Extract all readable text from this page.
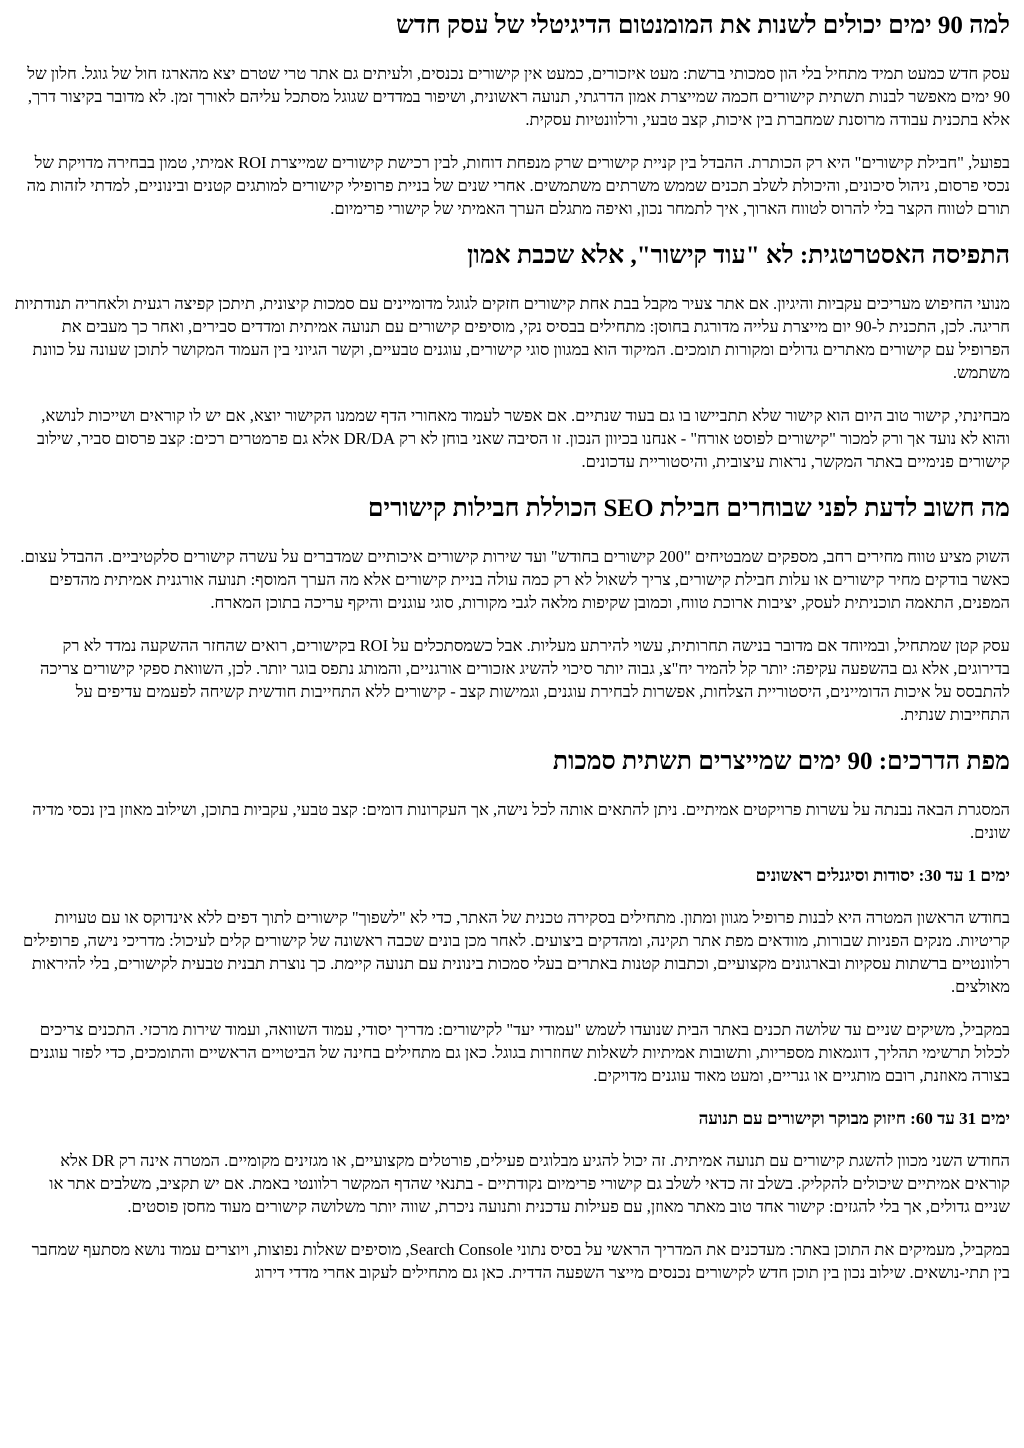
למה 90 ימים יכולים לשנות את המומנטום הדיגיטלי של עסק חדש

עסק חדש כמעט תמיד מתחיל בלי הון סמכותי ברשת: מעט איזכורים, כמעט אין קישורים נכנסים, ולעיתים גם אתר טרי שטרם יצא מהארגז חול של גוגל. חלון של 90 ימים מאפשר לבנות תשתית קישורים חכמה שמייצרת אמון הדרגתי, תנועה ראשונית, ושיפור במדדים שגוגל מסתכל עליהם לאורך זמן. לא מדובר בקיצור דרך, אלא בתכנית עבודה מרוסנת שמחברת בין איכות, קצב טבעי, ורלוונטיות עסקית.

בפועל, "חבילת קישורים" היא רק הכותרת. ההבדל בין קניית קישורים שרק מנפחת דוחות, לבין רכישת קישורים שמייצרת ROI אמיתי, טמון בבחירה מדויקת של נכסי פרסום, ניהול סיכונים, והיכולת לשלב תכנים שממש משרתים משתמשים. אחרי שנים של בניית פרופילי קישורים למותגים קטנים ובינוניים, למדתי לזהות מה תורם לטווח הקצר בלי להרוס לטווח הארוך, איך לתמחר נכון, ואיפה מתגלם הערך האמיתי של קישורי פרימיום.

התפיסה האסטרטגית: לא "עוד קישור", אלא שכבת אמון

מנועי החיפוש מעריכים עקביות והיגיון. אם אתר צעיר מקבל בבת אחת קישורים חזקים לגוגל מדומיינים עם סמכות קיצונית, תיתכן קפיצה רגעית ולאחריה תנודתיות חריגה. לכן, התכנית ל-90 יום מייצרת עלייה מדורגת בחוסן: מתחילים בבסיס נקי, מוסיפים קישורים עם תנועה אמיתית ומדדים סבירים, ואחר כך מעבים את הפרופיל עם קישורים מאתרים גדולים ומקורות תומכים. המיקוד הוא במגוון סוגי קישורים, עוגנים טבעיים, וקשר הגיוני בין העמוד המקושר לתוכן שעונה על כוונת משתמש.

מבחינתי, קישור טוב היום הוא קישור שלא תתביישו בו גם בעוד שנתיים. אם אפשר לעמוד מאחורי הדף שממנו הקישור יוצא, אם יש לו קוראים ושייכות לנושא, והוא לא נועד אך ורק למכור "קישורים לפוסט אורח" - אנחנו בכיוון הנכון. זו הסיבה שאני בוחן לא רק DR/DA אלא גם פרמטרים רכים: קצב פרסום סביר, שילוב קישורים פנימיים באתר המקשר, נראות עיצובית, והיסטוריית עדכונים.

מה חשוב לדעת לפני שבוחרים חבילת SEO הכוללת חבילות קישורים

השוק מציע טווח מחירים רחב, מספקים שמבטיחים "200 קישורים בחודש" ועד שירות קישורים איכותיים שמדברים על עשרה קישורים סלקטיביים. ההבדל עצום. כאשר בודקים מחיר קישורים או עלות חבילת קישורים, צריך לשאול לא רק כמה עולה בניית קישורים אלא מה הערך המוסף: תנועה אורגנית אמיתית מהדפים המפנים, התאמה תוכניתית לעסק, יציבות ארוכת טווח, וכמובן שקיפות מלאה לגבי מקורות, סוגי עוגנים והיקף עריכה בתוכן המארח.

עסק קטן שמתחיל, ובמיוחד אם מדובר בנישה תחרותית, עשוי להירתע מעליות. אבל כשמסתכלים על ROI בקישורים, רואים שהחזר ההשקעה נמדד לא רק בדירוגים, אלא גם בהשפעה עקיפה: יותר קל להמיר יח"צ, גבוה יותר סיכוי להשיג אזכורים אורגניים, והמותג נתפס בוגר יותר. לכן, השוואת ספקי קישורים צריכה להתבסס על איכות הדומיינים, היסטוריית הצלחות, אפשרות לבחירת עוגנים, וגמישות קצב - קישורים ללא התחייבות חודשית קשיחה לפעמים עדיפים על התחייבות שנתית.

מפת הדרכים: 90 ימים שמייצרים תשתית סמכות

המסגרת הבאה נבנתה על עשרות פרויקטים אמיתיים. ניתן להתאים אותה לכל נישה, אך העקרונות דומים: קצב טבעי, עקביות בתוכן, ושילוב מאוזן בין נכסי מדיה שונים.

ימים 1 עד 30: יסודות וסיגנלים ראשונים

בחודש הראשון המטרה היא לבנות פרופיל מגוון ומתון. מתחילים בסקירה טכנית של האתר, כדי לא "לשפוך" קישורים לתוך דפים ללא אינדוקס או עם טעויות קריטיות. מנקים הפניות שבורות, מוודאים מפת אתר תקינה, ומהדקים ביצועים. לאחר מכן בונים שכבה ראשונה של קישורים קלים לעיכול: מדריכי נישה, פרופילים רלוונטיים ברשתות עסקיות ובארגונים מקצועיים, וכתבות קטנות באתרים בעלי סמכות בינונית עם תנועה קיימת. כך נוצרת תבנית טבעית לקישורים, בלי להיראות מאולצים.

במקביל, משיקים שניים עד שלושה תכנים באתר הבית שנועדו לשמש "עמודי יעד" לקישורים: מדריך יסודי, עמוד השוואה, ועמוד שירות מרכזי. התכנים צריכים לכלול תרשימי תהליך, דוגמאות מספריות, ותשובות אמיתיות לשאלות שחוזרות בגוגל. כאן גם מתחילים בחינה של הביטויים הראשיים והתומכים, כדי לפזר עוגנים בצורה מאוזנת, רובם מותגיים או גנריים, ומעט מאוד עוגנים מדויקים.

ימים 31 עד 60: חיזוק מבוקר וקישורים עם תנועה

החודש השני מכוון להשגת קישורים עם תנועה אמיתית. זה יכול להגיע מבלוגים פעילים, פורטלים מקצועיים, או מגזינים מקומיים. המטרה אינה רק DR אלא קוראים אמיתיים שיכולים להקליק. בשלב זה כדאי לשלב גם קישורי פרימיום נקודתיים - בתנאי שהדף המקשר רלוונטי באמת. אם יש תקציב, משלבים אתר או שניים גדולים, אך בלי להגזים: קישור אחד טוב מאתר מאוזן, עם פעילות עדכנית ותנועה ניכרת, שווה יותר משלושה קישורים מעוד מחסן פוסטים.

במקביל, מעמיקים את התוכן באתר: מעדכנים את המדריך הראשי על בסיס נתוני Search Console, מוסיפים שאלות נפוצות, ויוצרים עמוד נושא מסתעף שמחבר בין תתי-נושאים. שילוב נכון בין תוכן חדש לקישורים נכנסים מייצר השפעה הדדית. כאן גם מתחילים לעקוב אחרי מדדי דירוג
